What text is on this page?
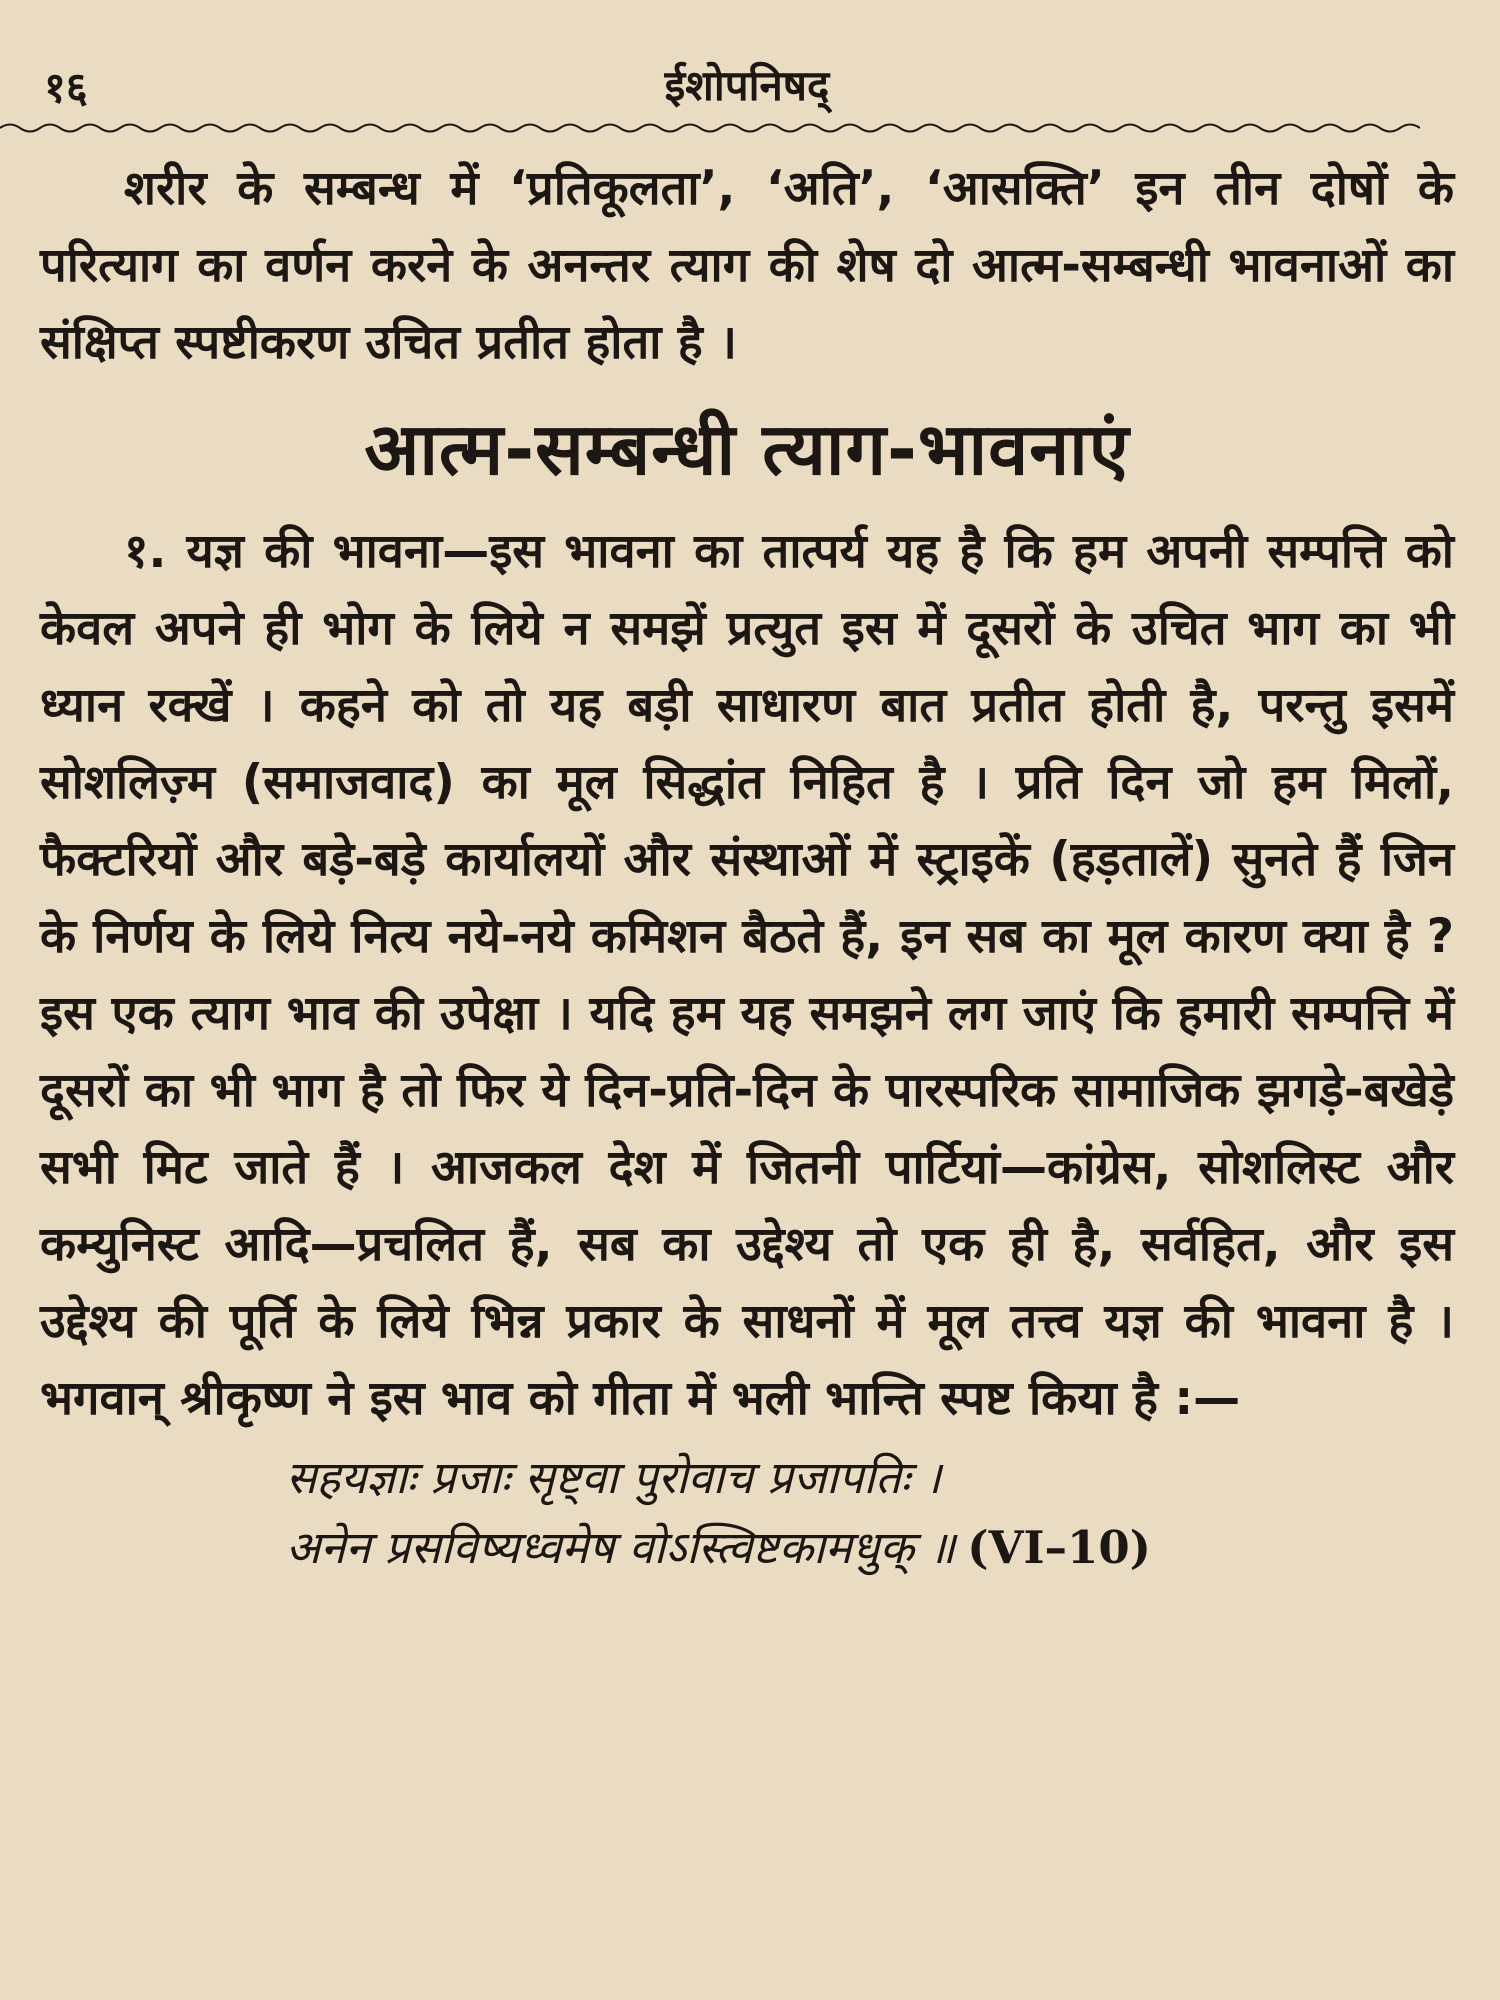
१६	ईशोपनिषद्

शरीर के सम्बन्ध में ‘प्रतिकूलता’, ‘अति’, ‘आसक्ति’ इन तीन दोषों के परित्याग का वर्णन करने के अनन्तर त्याग की शेष दो आत्म-सम्बन्धी भावनाओं का संक्षिप्त स्पष्टीकरण उचित प्रतीत होता है ।

आत्म-सम्बन्धी त्याग-भावनाएं

१. यज्ञ की भावना—इस भावना का तात्पर्य यह है कि हम अपनी सम्पत्ति को केवल अपने ही भोग के लिये न समझें प्रत्युत इस में दूसरों के उचित भाग का भी ध्यान रक्खें । कहने को तो यह बड़ी साधारण बात प्रतीत होती है, परन्तु इसमें सोशलिज़्म (समाजवाद) का मूल सिद्धांत निहित है । प्रति दिन जो हम मिलों, फैक्टरियों और बड़े-बड़े कार्यालयों और संस्थाओं में स्ट्राइकें (हड़तालें) सुनते हैं जिन के निर्णय के लिये नित्य नये-नये कमिशन बैठते हैं, इन सब का मूल कारण क्या है ? इस एक त्याग भाव की उपेक्षा । यदि हम यह समझने लग जाएं कि हमारी सम्पत्ति में दूसरों का भी भाग है तो फिर ये दिन-प्रति-दिन के पारस्परिक सामाजिक झगड़े-बखेड़े सभी मिट जाते हैं । आजकल देश में जितनी पार्टियां—कांग्रेस, सोशलिस्ट और कम्युनिस्ट आदि—प्रचलित हैं, सब का उद्देश्य तो एक ही है, सर्वहित, और इस उद्देश्य की पूर्ति के लिये भिन्न प्रकार के साधनों में मूल तत्त्व यज्ञ की भावना है । भगवान् श्रीकृष्ण ने इस भाव को गीता में भली भान्ति स्पष्ट किया है :—

सहयज्ञाः प्रजाः सृष्ट्वा पुरोवाच प्रजापतिः ।
अनेन प्रसविष्यध्वमेष वोऽस्त्विष्टकामधुक् ॥ (VI–10)
